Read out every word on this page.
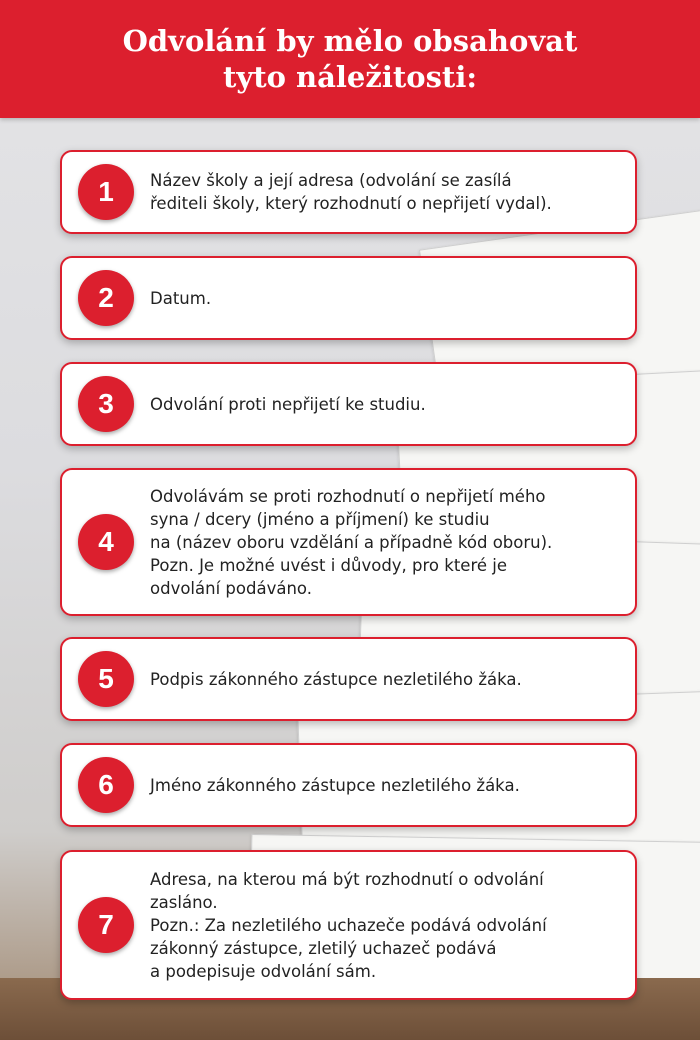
Odvolání by mělo obsahovat
tyto náležitosti:
1	Název školy a její adresa (odvolání se zasílá

řediteli školy, který rozhodnutí o nepřijetí vydal).

2	Datum.

3	Odvolání proti nepřijetí ke studiu.

4

Odvolávám se proti rozhodnutí o nepřijetí mého

syna / dcery (jméno a příjmení) ke studiu

na (název oboru vzdělání a případně kód oboru).

Pozn. Je možné uvést i důvody, pro které je

odvolání podáváno.

5	Podpis zákonného zástupce nezletilého žáka.

6	Jméno zákonného zástupce nezletilého žáka.

7

Adresa, na kterou má být rozhodnutí o odvolání

zasláno.

Pozn.: Za nezletilého uchazeče podává odvolání

zákonný zástupce, zletilý uchazeč podává

a podepisuje odvolání sám.
